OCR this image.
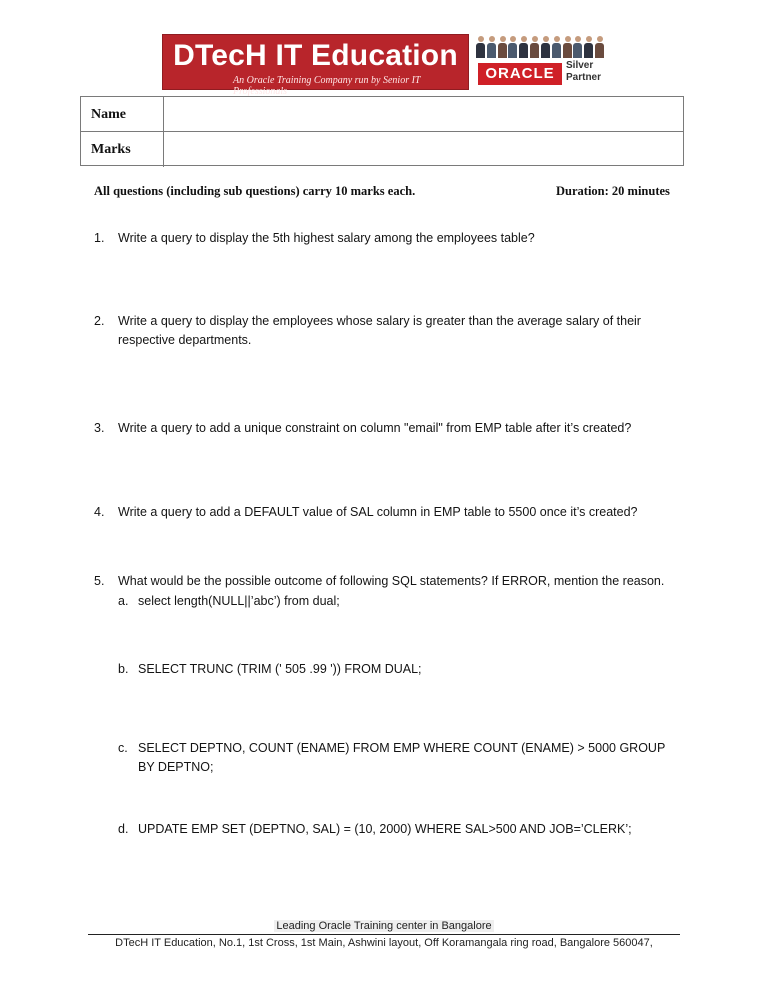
DTecH IT Education
An Oracle Training Company run by Senior IT Professionals
ORACLE	Silver
Partner
Name
Marks
All questions (including sub questions) carry 10 marks each.	Duration: 20 minutes
1. Write a query to display the 5th highest salary among the employees table?
2. Write a query to display the employees whose salary is greater than the average salary of their respective departments.
3. Write a query to add a unique constraint on column "email" from EMP table after it’s created?
4. Write a query to add a DEFAULT value of SAL column in EMP table to 5500 once it’s created?
5. What would be the possible outcome of following SQL statements? If ERROR, mention the reason.
a. select length(NULL||’abc’) from dual;
b. SELECT TRUNC (TRIM (' 505 .99 ')) FROM DUAL;
c. SELECT DEPTNO, COUNT (ENAME) FROM EMP WHERE COUNT (ENAME) > 5000 GROUP BY DEPTNO;
d. UPDATE EMP SET (DEPTNO, SAL) = (10, 2000) WHERE SAL>500 AND JOB=’CLERK’;
Leading Oracle Training center in Bangalore
DTecH IT Education, No.1, 1st Cross, 1st Main, Ashwini layout, Off Koramangala ring road, Bangalore 560047,
